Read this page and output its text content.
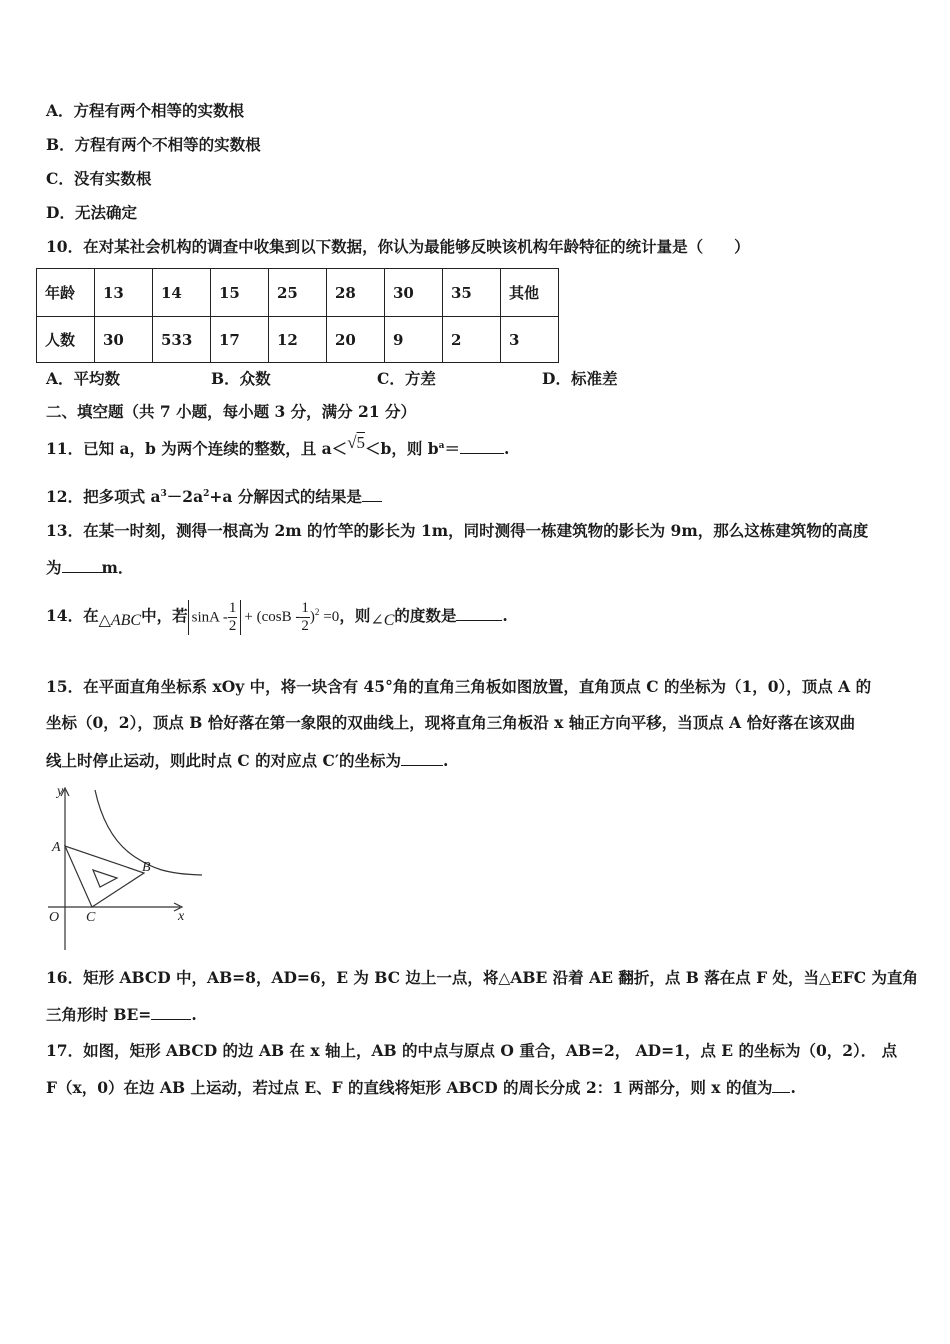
A．方程有两个相等的实数根
B．方程有两个不相等的实数根
C．没有实数根
D．无法确定
10．在对某社会机构的调查中收集到以下数据，你认为最能够反映该机构年龄特征的统计量是（　　）
年龄	13	14	15	25	28	30	35	其他
人数	30	533	17	12	20	9	2	3
A．平均数	B．众数	C．方差	D．标准差
二、填空题（共 7 小题，每小题 3 分，满分 21 分）
11．已知 a，b 为两个连续的整数，且 a＜√5＜b，则 $b^a=$	.
12．把多项式 $a^3-2a^2+a$ 分解因式的结果是
13．在某一时刻，测得一根高为 2m 的竹竿的影长为 1m，同时测得一栋建筑物的影长为 9m，那么这栋建筑物的高度
为	m．
14．在△ABC中，若 $\sin A - \frac{1}{2} + (\cos B - \frac{1}{2} )^2 =0$，则∠C的度数是	.
15．在平面直角坐标系 xOy 中，将一块含有 45°角的直角三角板如图放置，直角顶点 C 的坐标为（1，0），顶点 A 的
坐标（0，2），顶点 B 恰好落在第一象限的双曲线上，现将直角三角板沿 x 轴正方向平移，当顶点 A 恰好落在该双曲
线上时停止运动，则此时点 C 的对应点 C′的坐标为	.
y
x
O
A
B
C
16．矩形 ABCD 中，AB=8，AD=6，E 为 BC 边上一点，将△ABE 沿着 AE 翻折，点 B 落在点 F 处，当△EFC 为直角
三角形时 BE=	.
17．如图，矩形 ABCD 的边 AB 在 x 轴上，AB 的中点与原点 O 重合，AB=2， AD=1，点 E 的坐标为（0，2）． 点
F（x，0）在边 AB 上运动，若过点 E、F 的直线将矩形 ABCD 的周长分成 2：1 两部分，则 x 的值为 .
